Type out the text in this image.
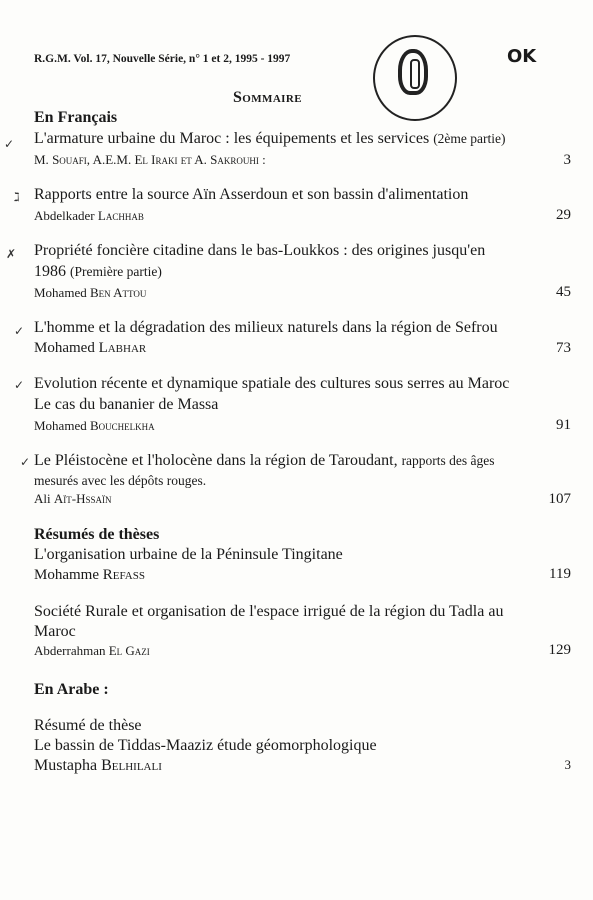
R.G.M. Vol. 17, Nouvelle Série, n° 1 et 2, 1995 - 1997	OK
Sommaire
En Français
✓ L'armature urbaine du Maroc : les équipements et les services (2ème partie)
M. Souafi, A.E.M. El Iraki et A. Sakrouhi :	3
ℷ Rapports entre la source Aïn Asserdoun et son bassin d'alimentation
Abdelkader Lachhab	29
✗ Propriété foncière citadine dans le bas-Loukkos : des origines jusqu'en
1986 (Première partie)
Mohamed Ben Attou	45
✓ L'homme et la dégradation des milieux naturels dans la région de Sefrou
Mohamed Labhar	73
✓ Evolution récente et dynamique spatiale des cultures sous serres au Maroc
Le cas du bananier de Massa
Mohamed Bouchelkha	91
✓ Le Pléistocène et l'holocène dans la région de Taroudant, rapports des âges
mesurés avec les dépôts rouges.
Ali Aït-Hssaïn	107
Résumés de thèses
L'organisation urbaine de la Péninsule Tingitane
Mohamme Refass	119
Société Rurale et organisation de l'espace irrigué de la région du Tadla au
Maroc
Abderrahman El Gazi	129
En Arabe :
Résumé de thèse
Le bassin de Tiddas-Maaziz étude géomorphologique
Mustapha Belhilali	3
